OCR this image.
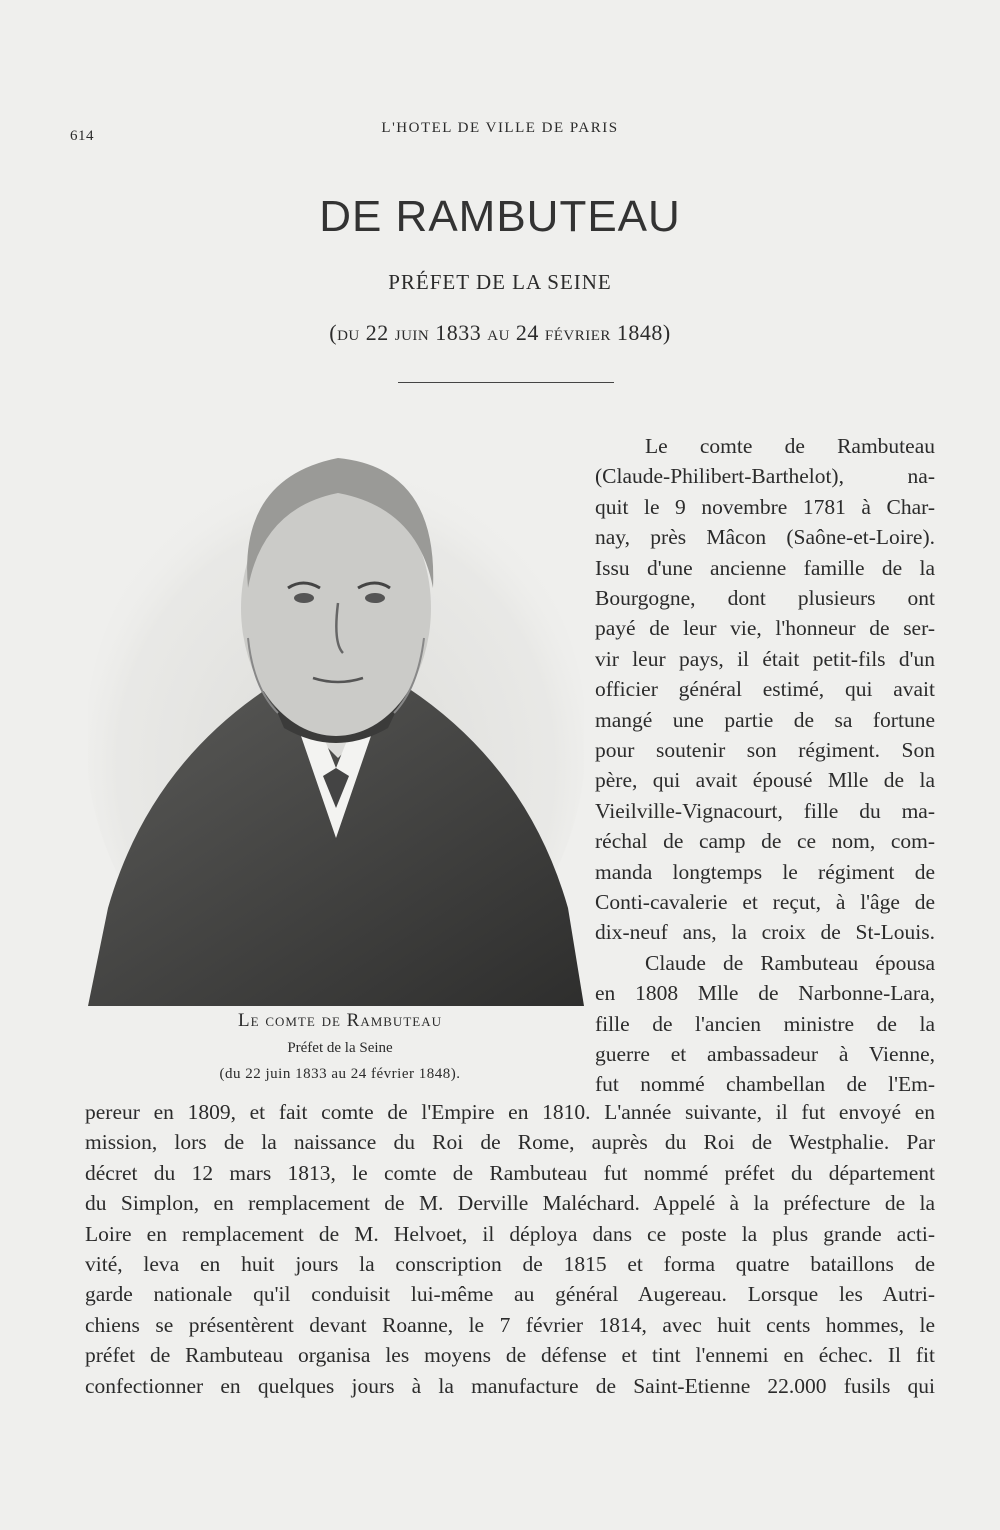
614	L'HOTEL DE VILLE DE PARIS
DE RAMBUTEAU
PRÉFET DE LA SEINE
(du 22 juin 1833 au 24 février 1848)
Le comte de Rambuteau
Préfet de la Seine
(du 22 juin 1833 au 24 février 1848).
Le comte de Rambuteau
(Claude-Philibert-Barthelot), na-
quit le 9 novembre 1781 à Char-
nay, près Mâcon (Saône-et-Loire).
Issu d'une ancienne famille de la
Bourgogne, dont plusieurs ont
payé de leur vie, l'honneur de ser-
vir leur pays, il était petit-fils d'un
officier général estimé, qui avait
mangé une partie de sa fortune
pour soutenir son régiment. Son
père, qui avait épousé Mlle de la
Vieilville-Vignacourt, fille du ma-
réchal de camp de ce nom, com-
manda longtemps le régiment de
Conti-cavalerie et reçut, à l'âge de
dix-neuf ans, la croix de St-Louis.
Claude de Rambuteau épousa
en 1808 Mlle de Narbonne-Lara,
fille de l'ancien ministre de la
guerre et ambassadeur à Vienne,
fut nommé chambellan de l'Em-
pereur en 1809, et fait comte de l'Empire en 1810. L'année suivante, il fut envoyé en
mission, lors de la naissance du Roi de Rome, auprès du Roi de Westphalie. Par
décret du 12 mars 1813, le comte de Rambuteau fut nommé préfet du département
du Simplon, en remplacement de M. Derville Maléchard. Appelé à la préfecture de la
Loire en remplacement de M. Helvoet, il déploya dans ce poste la plus grande acti-
vité, leva en huit jours la conscription de 1815 et forma quatre bataillons de
garde nationale qu'il conduisit lui-même au général Augereau. Lorsque les Autri-
chiens se présentèrent devant Roanne, le 7 février 1814, avec huit cents hommes, le
préfet de Rambuteau organisa les moyens de défense et tint l'ennemi en échec. Il fit
confectionner en quelques jours à la manufacture de Saint-Etienne 22.000 fusils qui
